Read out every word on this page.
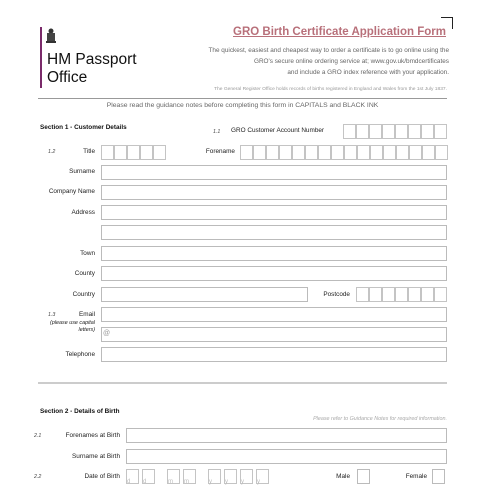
HM Passport
Office
GRO Birth Certificate Application Form
The quickest, easiest and cheapest way to order a certificate is to go online using the
GRO's secure online ordering service at; www.gov.uk/bmdcertificates
and include a GRO index reference with your application.
The General Register Office holds records of births registered in England and Wales from the 1st July 1837.
Please read the guidance notes before completing this form in CAPITALS and BLACK INK
Section 1 - Customer Details
1.1 GRO Customer Account Number
1.2	Title	Forename
Surname
Company Name
Address
Town
County
Country	Postcode
1.3	Email
(please use capital
letters) @
Telephone
Section 2 - Details of Birth
Please refer to Guidance Notes for required information.
2.1	Forenames at Birth
Surname at Birth
2.2	Date of Birth
d	d	m	m	y	y	y	y
Male	Female
